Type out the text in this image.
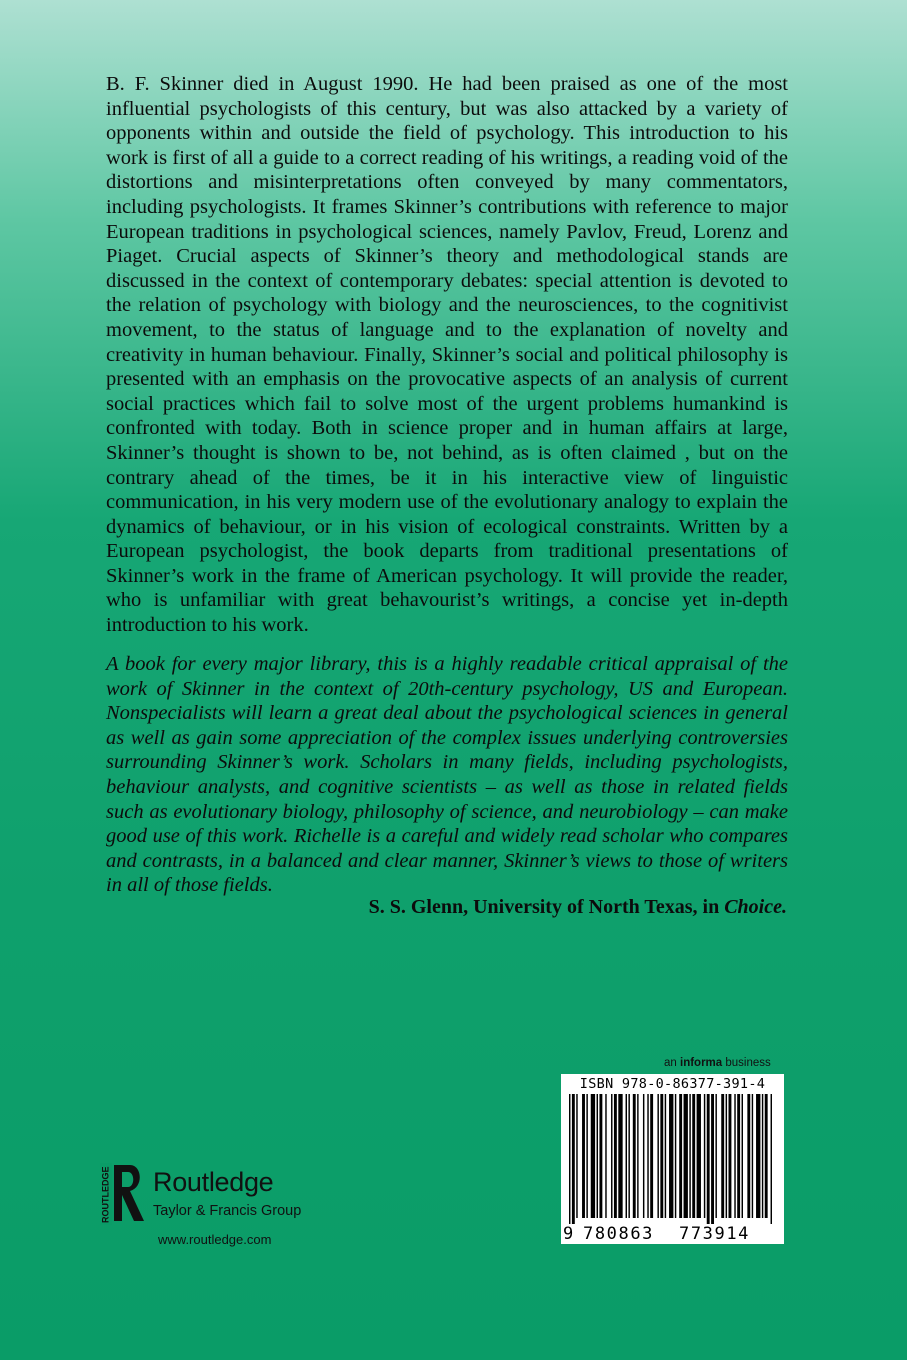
B. F. Skinner died in August 1990. He had been praised as one of the most influential psychologists of this century, but was also attacked by a variety of opponents within and outside the field of psychology. This introduction to his work is first of all a guide to a correct reading of his writings, a reading void of the distortions and misinterpretations often conveyed by many commentators, including psychologists. It frames Skinner’s contributions with reference to major European traditions in psychological sciences, namely Pavlov, Freud, Lorenz and Piaget. Crucial aspects of Skinner’s theory and methodological stands are discussed in the context of contemporary debates: special attention is devoted to the relation of psychology with biology and the neurosciences, to the cognitivist movement, to the status of language and to the explanation of novelty and creativity in human behaviour. Finally, Skinner’s social and political philosophy is presented with an emphasis on the provocative aspects of an analysis of current social practices which fail to solve most of the urgent problems humankind is confronted with today. Both in science proper and in human affairs at large, Skinner’s thought is shown to be, not behind, as is often claimed , but on the contrary ahead of the times, be it in his interactive view of linguistic communication, in his very modern use of the evolutionary analogy to explain the dynamics of behaviour, or in his vision of ecological constraints. Written by a European psychologist, the book departs from traditional presentations of Skinner’s work in the frame of American psychology. It will provide the reader, who is unfamiliar with great behavourist’s writings, a concise yet in-depth introduction to his work.

A book for every major library, this is a highly readable critical appraisal of the work of Skinner in the context of 20th-century psychology, US and European. Nonspecialists will learn a great deal about the psychological sciences in general as well as gain some appreciation of the complex issues underlying controversies surrounding Skinner’s work. Scholars in many fields, including psychologists, behaviour analysts, and cognitive scientists – as well as those in related fields such as evolutionary biology, philosophy of science, and neurobiology – can make good use of this work. Richelle is a careful and widely read scholar who compares and contrasts, in a balanced and clear manner, Skinner’s views to those of writers in all of those fields.

S. S. Glenn, University of North Texas, in Choice.
an informa business
ISBN 978-0-86377-391-4
9 780863 773914
ROUTLEDGE Routledge
Taylor & Francis Group
www.routledge.com
